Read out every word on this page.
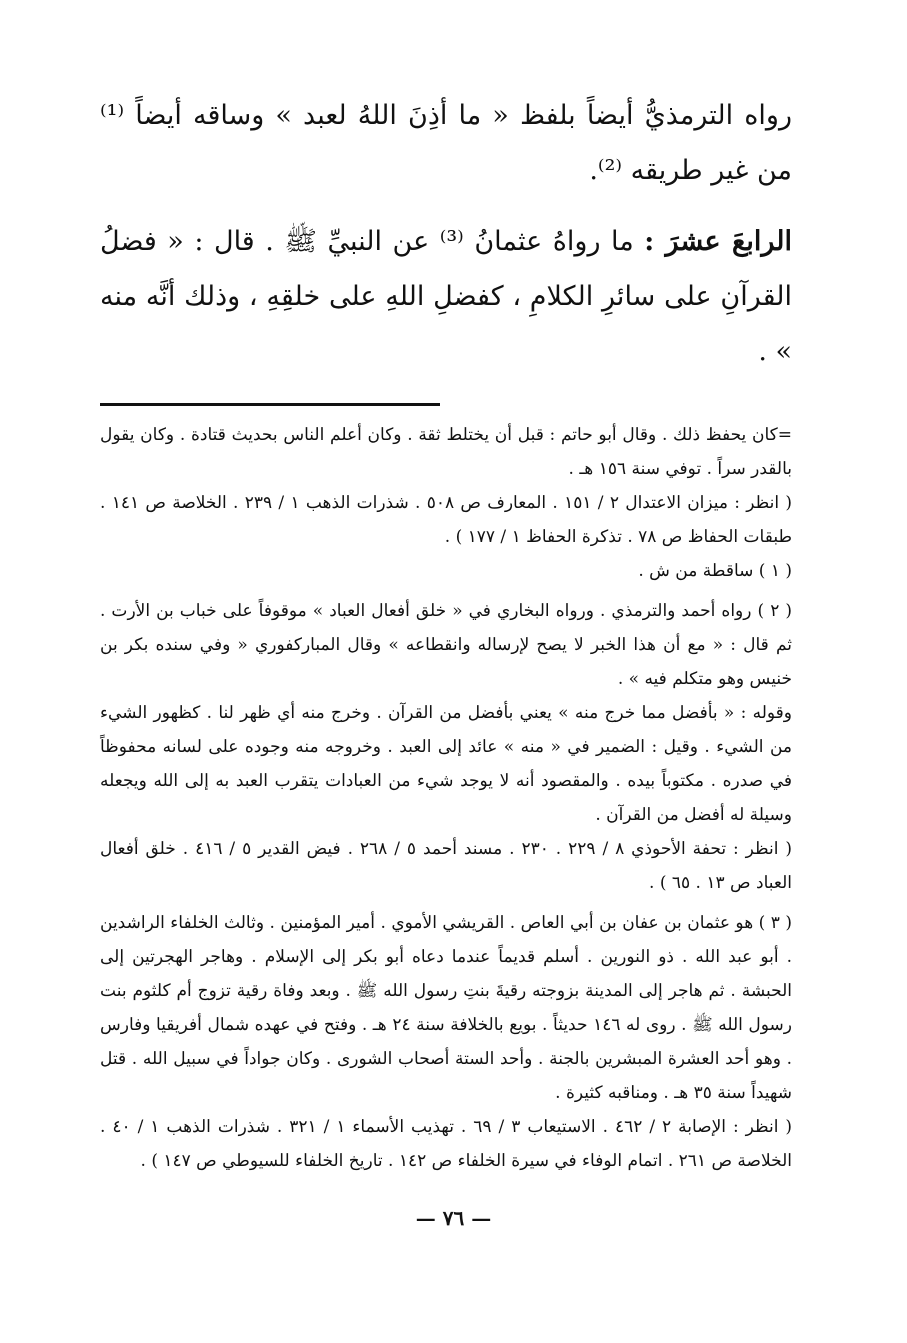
رواه الترمذيُّ أيضاً بلفظ « ما أذِنَ اللهُ لعبد » وساقه أيضاً ⁽¹⁾ من غير طريقه ⁽²⁾.

الرابعَ عشرَ : ما رواهُ عثمانُ ⁽³⁾ عن النبيِّ ﷺ . قال : « فضلُ القرآنِ على سائرِ الكلامِ ، كفضلِ اللهِ على خلقِهِ ، وذلك أنَّه منه » .

=كان يحفظ ذلك . وقال أبو حاتم : قبل أن يختلط ثقة . وكان أعلم الناس بحديث قتادة . وكان يقول بالقدر سراً . توفي سنة ١٥٦ هـ .

( انظر : ميزان الاعتدال ٢ / ١٥١ . المعارف ص ٥٠٨ . شذرات الذهب ١ / ٢٣٩ . الخلاصة ص ١٤١ . طبقات الحفاظ ص ٧٨ . تذكرة الحفاظ ١ / ١٧٧ ) .

( ١ ) ساقطة من ش .

( ٢ ) رواه أحمد والترمذي . ورواه البخاري في « خلق أفعال العباد » موقوفاً على خباب بن الأرت . ثم قال : « مع أن هذا الخبر لا يصح لإرساله وانقطاعه » وقال المباركفوري « وفي سنده بكر بن خنيس وهو متكلم فيه » .

وقوله : « بأفضل مما خرج منه » يعني بأفضل من القرآن . وخرج منه أي ظهر لنا . كظهور الشيء من الشيء . وقيل : الضمير في « منه » عائد إلى العبد . وخروجه منه وجوده على لسانه محفوظاً في صدره . مكتوباً بيده . والمقصود أنه لا يوجد شيء من العبادات يتقرب العبد به إلى الله ويجعله وسيلة له أفضل من القرآن .

( انظر : تحفة الأحوذي ٨ / ٢٢٩ . ٢٣٠ . مسند أحمد ٥ / ٢٦٨ . فيض القدير ٥ / ٤١٦ . خلق أفعال العباد ص ١٣ . ٦٥ ) .

( ٣ ) هو عثمان بن عفان بن أبي العاص . القريشي الأموي . أمير المؤمنين . وثالث الخلفاء الراشدين . أبو عبد الله . ذو النورين . أسلم قديماً عندما دعاه أبو بكر إلى الإسلام . وهاجر الهجرتين إلى الحبشة . ثم هاجر إلى المدينة بزوجته رقيةَ بنتِ رسول الله ﷺ . وبعد وفاة رقية تزوج أم كلثوم بنت رسول الله ﷺ . روى له ١٤٦ حديثاً . بويع بالخلافة سنة ٢٤ هـ . وفتح في عهده شمال أفريقيا وفارس . وهو أحد العشرة المبشرين بالجنة . وأحد الستة أصحاب الشورى . وكان جواداً في سبيل الله . قتل شهيداً سنة ٣٥ هـ . ومناقبه كثيرة .

( انظر : الإصابة ٢ / ٤٦٢ . الاستيعاب ٣ / ٦٩ . تهذيب الأسماء ١ / ٣٢١ . شذرات الذهب ١ / ٤٠ . الخلاصة ص ٢٦١ . اتمام الوفاء في سيرة الخلفاء ص ١٤٢ . تاريخ الخلفاء للسيوطي ص ١٤٧ ) .

— ٧٦ —
